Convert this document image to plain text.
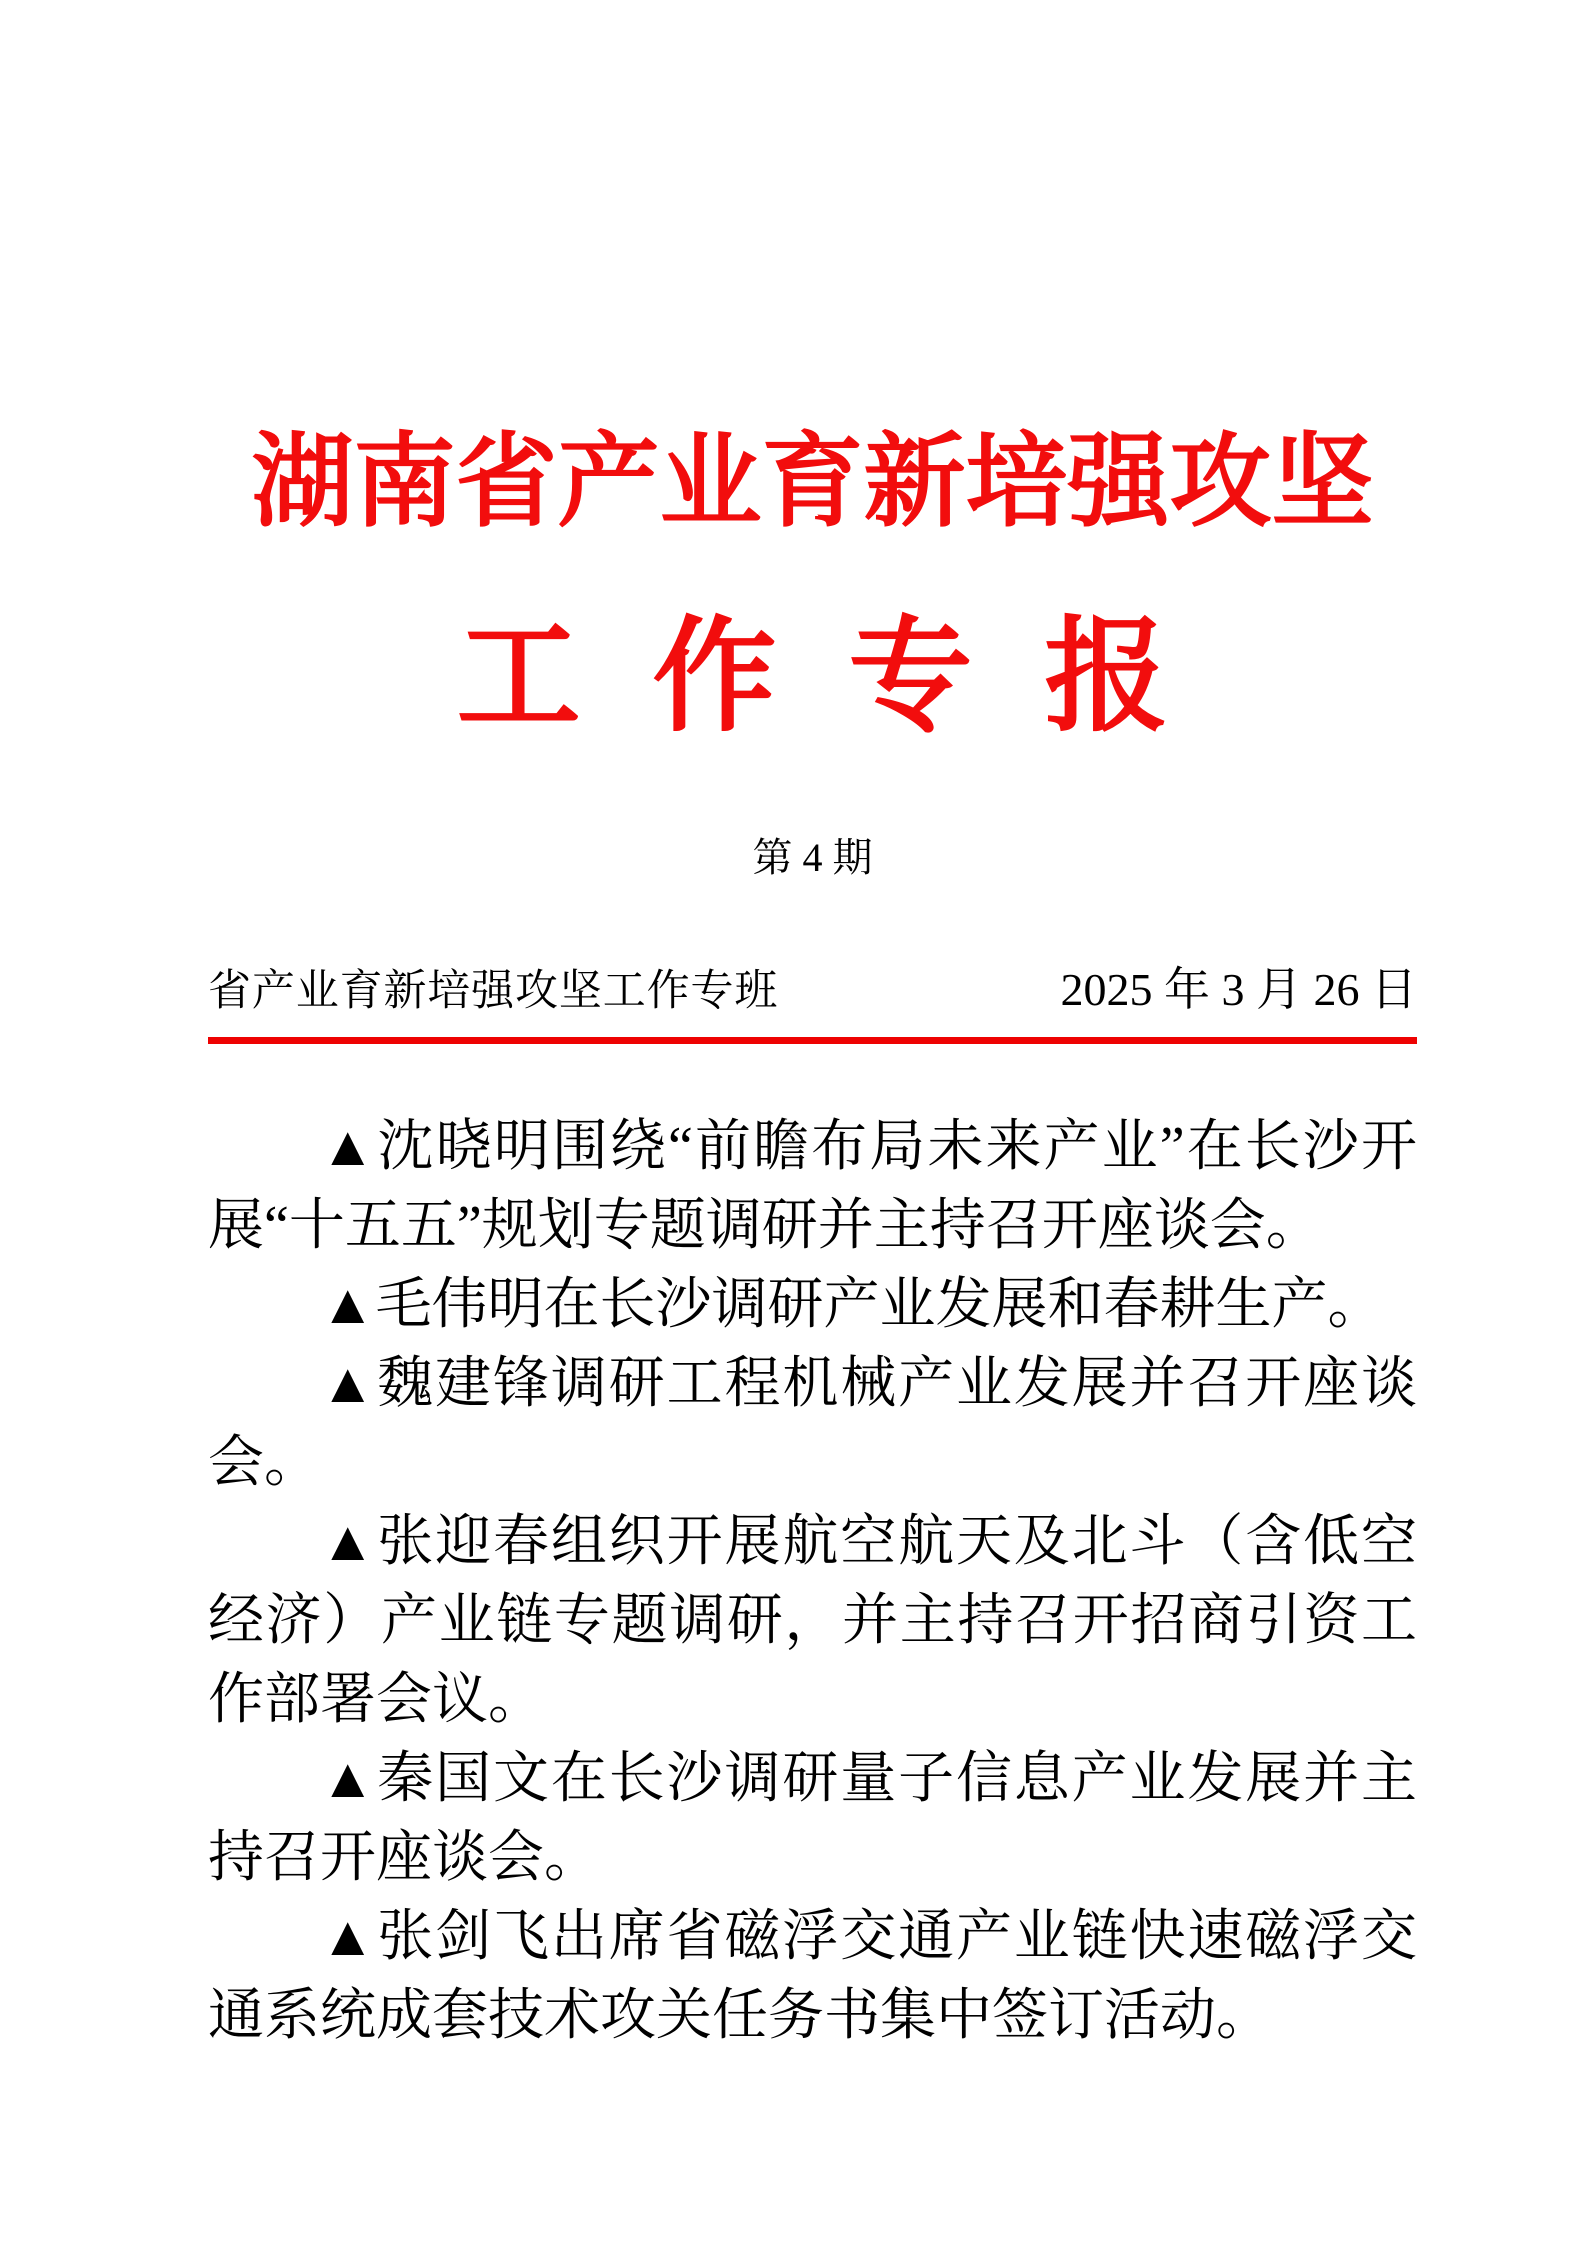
湖南省产业育新培强攻坚
工作专报
第 4 期
省产业育新培强攻坚工作专班	2025 年 3 月 26 日

▲沈晓明围绕“前瞻布局未来产业”在长沙开展“十五五”规划专题调研并主持召开座谈会。

▲毛伟明在长沙调研产业发展和春耕生产。

▲魏建锋调研工程机械产业发展并召开座谈会。

▲张迎春组织开展航空航天及北斗（含低空经济）产业链专题调研，并主持召开招商引资工作部署会议。

▲秦国文在长沙调研量子信息产业发展并主持召开座谈会。

▲张剑飞出席省磁浮交通产业链快速磁浮交通系统成套技术攻关任务书集中签订活动。
